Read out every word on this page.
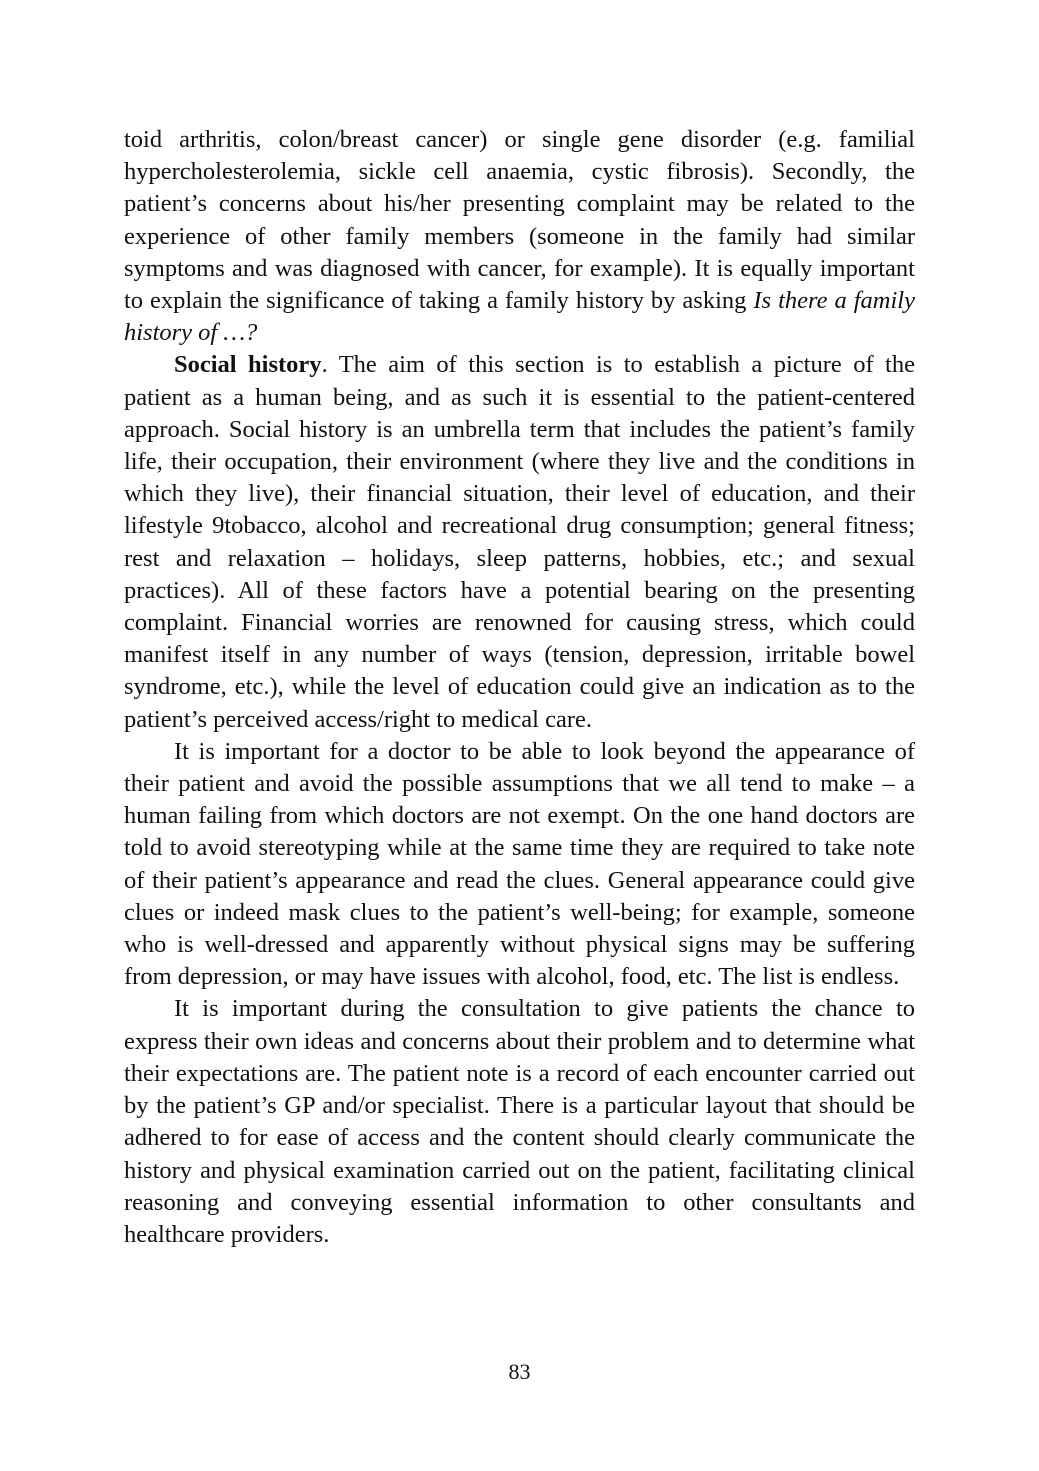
toid arthritis, colon/breast cancer) or single gene disorder (e.g. familial hypercholesterolemia, sickle cell anaemia, cystic fibrosis). Secondly, the patient’s concerns about his/her presenting complaint may be related to the experience of other family members (someone in the family had similar symptoms and was diagnosed with cancer, for example). It is equally important to explain the significance of taking a family history by asking Is there a family history of …?

Social history. The aim of this section is to establish a picture of the patient as a human being, and as such it is essential to the patient-centered approach. Social history is an umbrella term that includes the patient’s family life, their occupation, their environment (where they live and the conditions in which they live), their financial situation, their level of education, and their lifestyle 9tobacco, alcohol and recreational drug consumption; general fitness; rest and relaxation – holidays, sleep patterns, hobbies, etc.; and sexual practices). All of these factors have a potential bearing on the presenting complaint. Financial worries are renowned for causing stress, which could manifest itself in any number of ways (tension, depression, irritable bowel syndrome, etc.), while the level of education could give an indication as to the patient’s perceived access/right to medical care.

It is important for a doctor to be able to look beyond the appearance of their patient and avoid the possible assumptions that we all tend to make – a human failing from which doctors are not exempt. On the one hand doctors are told to avoid stereotyping while at the same time they are required to take note of their patient’s appearance and read the clues. General appearance could give clues or indeed mask clues to the patient’s well-being; for example, someone who is well-dressed and apparently without physical signs may be suffering from depression, or may have issues with alcohol, food, etc. The list is endless.

It is important during the consultation to give patients the chance to express their own ideas and concerns about their problem and to determine what their expectations are. The patient note is a record of each encounter carried out by the patient’s GP and/or specialist. There is a particular layout that should be adhered to for ease of access and the content should clearly communicate the history and physical examination carried out on the patient, facilitating clinical reasoning and conveying essential information to other consultants and healthcare providers.

83
